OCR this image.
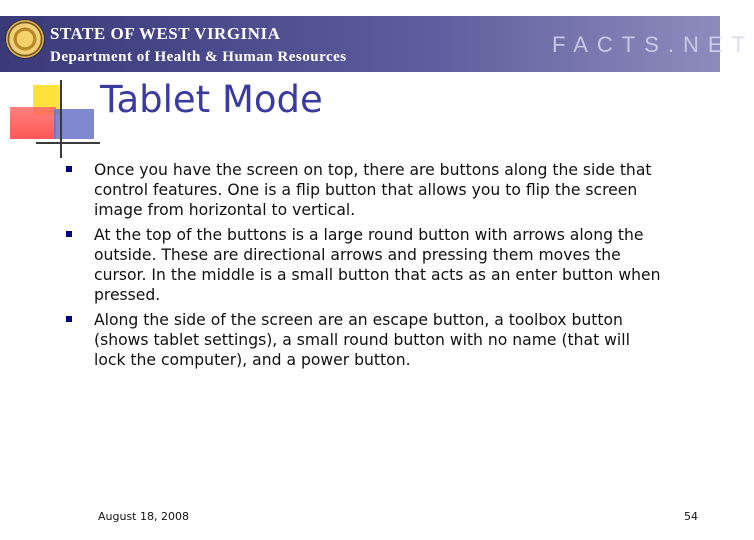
STATE OF WEST VIRGINIA
Department of Health & Human Resources	FACTS.NET
Tablet Mode
Once you have the screen on top, there are buttons along the side that control features. One is a flip button that allows you to flip the screen image from horizontal to vertical.
At the top of the buttons is a large round button with arrows along the outside. These are directional arrows and pressing them moves the cursor. In the middle is a small button that acts as an enter button when pressed.
Along the side of the screen are an escape button, a toolbox button (shows tablet settings), a small round button with no name (that will lock the computer), and a power button.
August 18, 2008	54
